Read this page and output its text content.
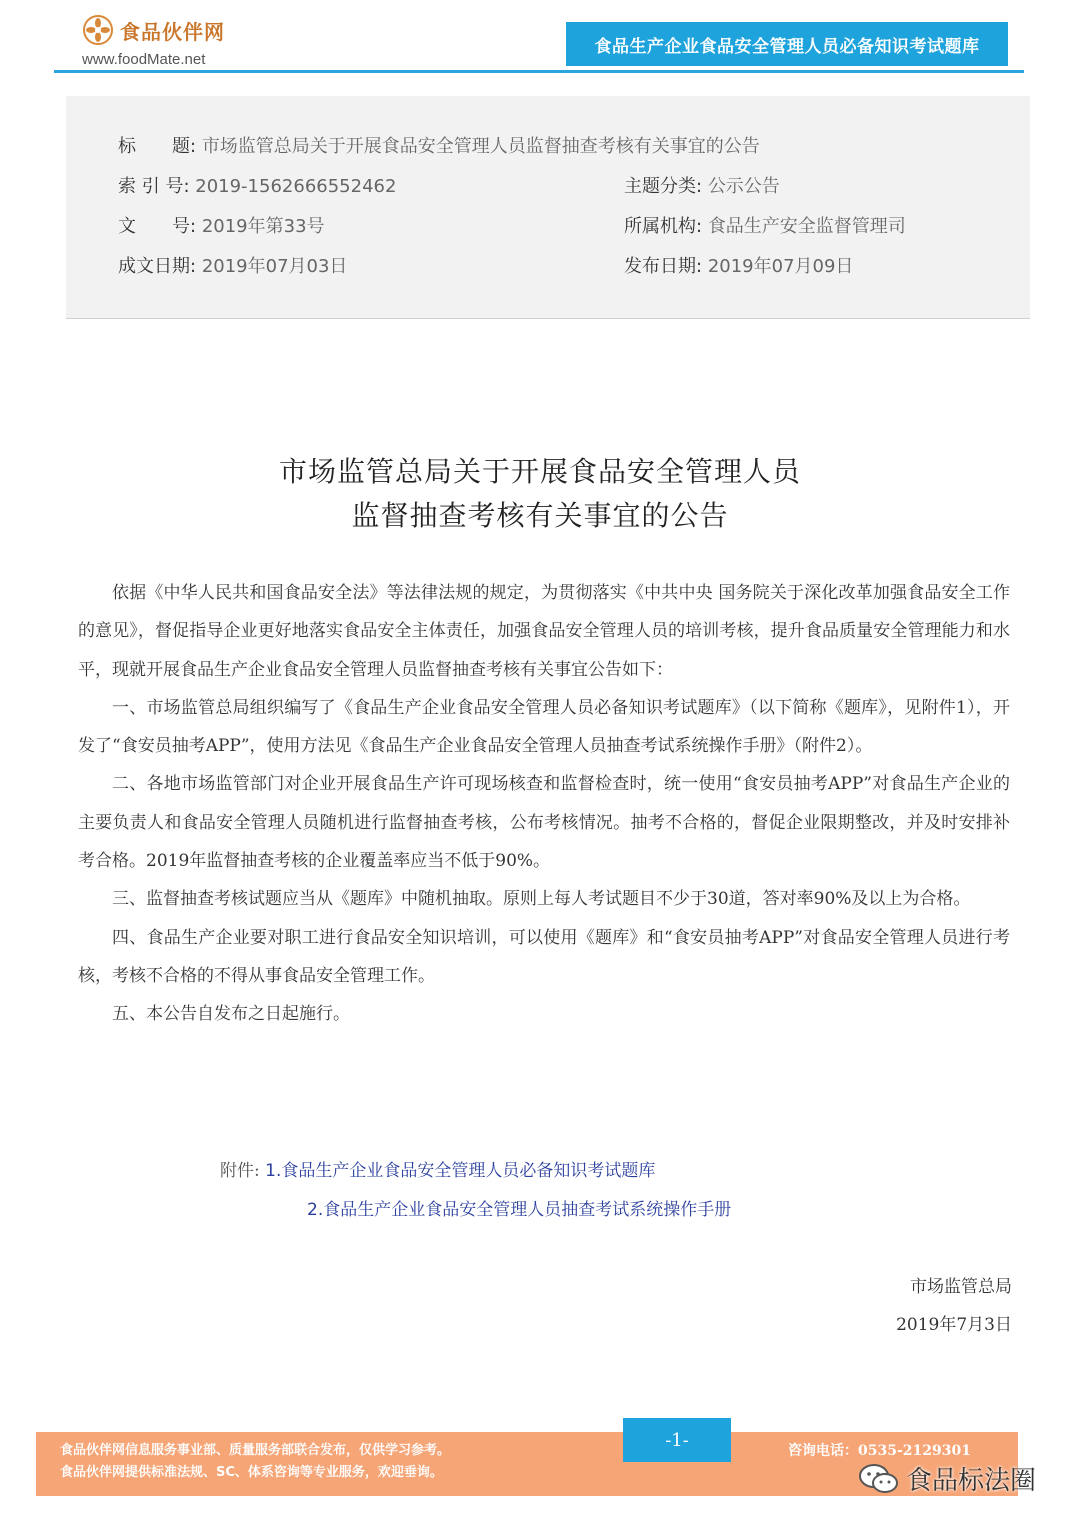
食品伙伴网
www.foodMate.net
食品生产企业食品安全管理人员必备知识考试题库
标　　题: 市场监管总局关于开展食品安全管理人员监督抽查考核有关事宜的公告
索 引 号: 2019-1562666552462	主题分类: 公示公告
文　　号: 2019年第33号	所属机构: 食品生产安全监督管理司
成文日期: 2019年07月03日	发布日期: 2019年07月09日
市场监管总局关于开展食品安全管理人员
监督抽查考核有关事宜的公告

依据《中华人民共和国食品安全法》等法律法规的规定，为贯彻落实《中共中央 国务院关于深化改革加强食品安全工作的意见》，督促指导企业更好地落实食品安全主体责任，加强食品安全管理人员的培训考核，提升食品质量安全管理能力和水平，现就开展食品生产企业食品安全管理人员监督抽查考核有关事宜公告如下：

一、市场监管总局组织编写了《食品生产企业食品安全管理人员必备知识考试题库》（以下简称《题库》，见附件1），开发了“食安员抽考APP”，使用方法见《食品生产企业食品安全管理人员抽查考试系统操作手册》（附件2）。

二、各地市场监管部门对企业开展食品生产许可现场核查和监督检查时，统一使用“食安员抽考APP”对食品生产企业的主要负责人和食品安全管理人员随机进行监督抽查考核，公布考核情况。抽考不合格的，督促企业限期整改，并及时安排补考合格。2019年监督抽查考核的企业覆盖率应当不低于90%。

三、监督抽查考核试题应当从《题库》中随机抽取。原则上每人考试题目不少于30道，答对率90%及以上为合格。

四、食品生产企业要对职工进行食品安全知识培训，可以使用《题库》和“食安员抽考APP”对食品安全管理人员进行考核，考核不合格的不得从事食品安全管理工作。

五、本公告自发布之日起施行。

附件: 1.食品生产企业食品安全管理人员必备知识考试题库
2.食品生产企业食品安全管理人员抽查考试系统操作手册
市场监管总局
2019年7月3日
食品伙伴网信息服务事业部、质量服务部联合发布，仅供学习参考。
食品伙伴网提供标准法规、SC、体系咨询等专业服务，欢迎垂询。
咨询电话：0535-2129301
-1-
食品标法圈
